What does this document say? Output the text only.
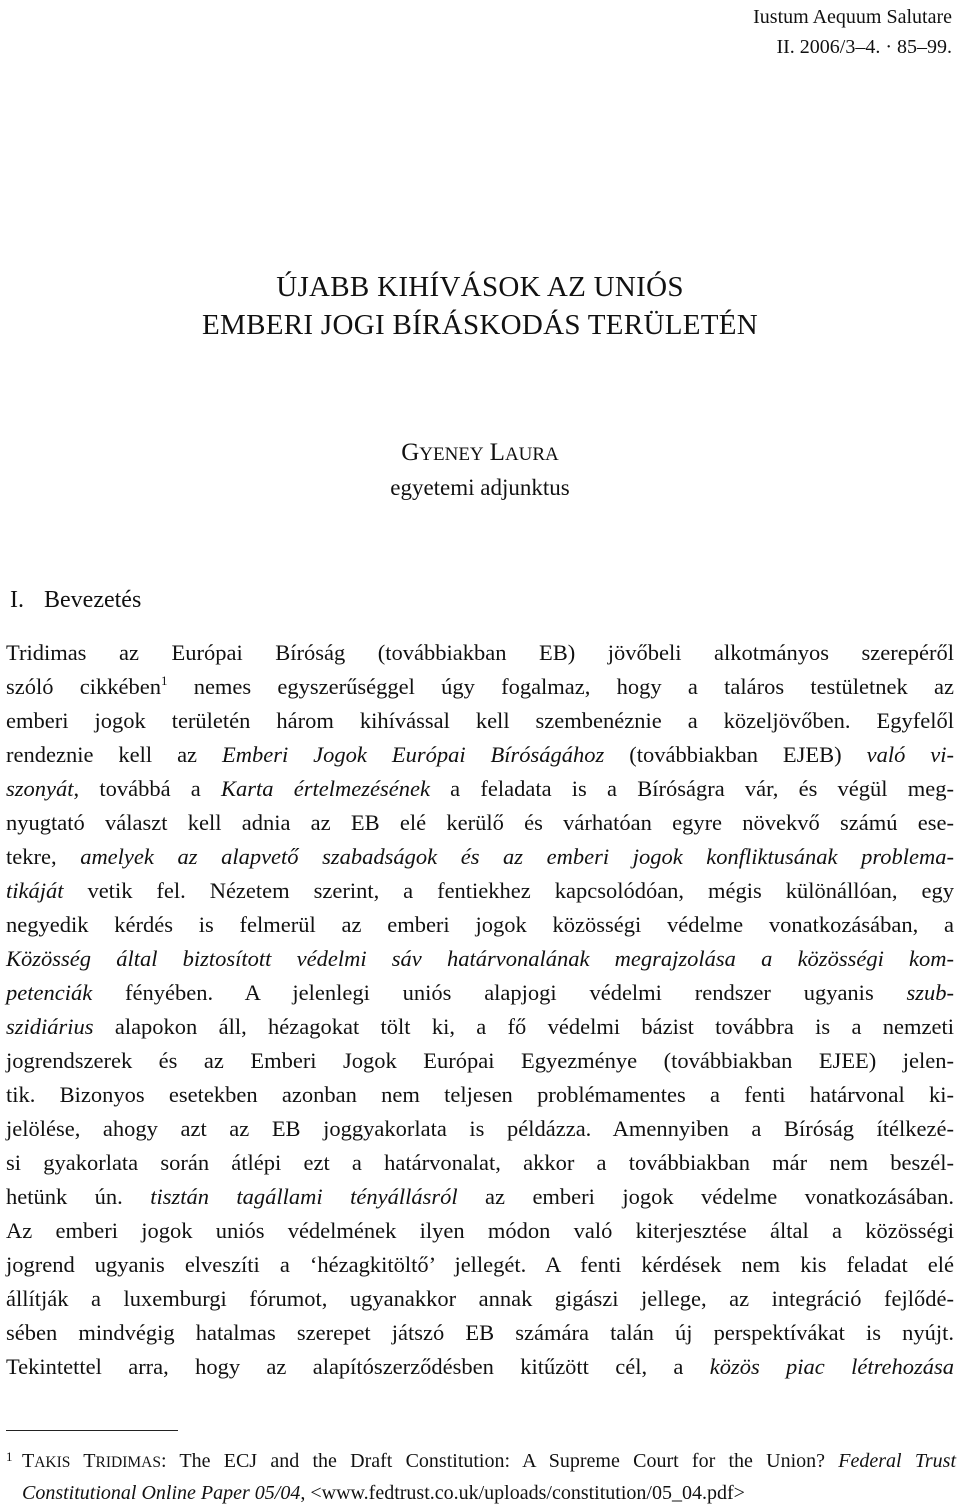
Iustum Aequum Salutare
II. 2006/3–4. · 85–99.
ÚJABB KIHÍVÁSOK AZ UNIÓS
EMBERI JOGI BÍRÁSKODÁS TERÜLETÉN
GYENEY LAURA
egyetemi adjunktus
I. Bevezetés
Tridimas az Európai Bíróság (továbbiakban EB) jövőbeli alkotmányos szerepéről
szóló cikkében$^1$ nemes egyszerűséggel úgy fogalmaz, hogy a taláros testületnek az
emberi jogok területén három kihívással kell szembenéznie a közeljövőben. Egyfelől
rendeznie kell az Emberi Jogok Európai Bíróságához (továbbiakban EJEB) való vi-
szonyát, továbbá a Karta értelmezésének a feladata is a Bíróságra vár, és végül meg-
nyugtató választ kell adnia az EB elé kerülő és várhatóan egyre növekvő számú ese-
tekre, amelyek az alapvető szabadságok és az emberi jogok konfliktusának problema-
tikáját vetik fel. Nézetem szerint, a fentiekhez kapcsolódóan, mégis különállóan, egy
negyedik kérdés is felmerül az emberi jogok közösségi védelme vonatkozásában, a
Közösség által biztosított védelmi sáv határvonalának megrajzolása a közösségi kom-
petenciák fényében. A jelenlegi uniós alapjogi védelmi rendszer ugyanis szub-
szidiárius alapokon áll, hézagokat tölt ki, a fő védelmi bázist továbbra is a nemzeti
jogrendszerek és az Emberi Jogok Európai Egyezménye (továbbiakban EJEE) jelen-
tik. Bizonyos esetekben azonban nem teljesen problémamentes a fenti határvonal ki-
jelölése, ahogy azt az EB joggyakorlata is példázza. Amennyiben a Bíróság ítélkezé-
si gyakorlata során átlépi ezt a határvonalat, akkor a továbbiakban már nem beszél-
hetünk ún. tisztán tagállami tényállásról az emberi jogok védelme vonatkozásában.
Az emberi jogok uniós védelmének ilyen módon való kiterjesztése által a közösségi
jogrend ugyanis elveszíti a ‘hézagkitöltő’ jellegét. A fenti kérdések nem kis feladat elé
állítják a luxemburgi fórumot, ugyanakkor annak gigászi jellege, az integráció fejlődé-
sében mindvégig hatalmas szerepet játszó EB számára talán új perspektívákat is nyújt.
Tekintettel arra, hogy az alapítószerződésben kitűzött cél, a közös piac létrehozása
1 TAKIS TRIDIMAS: The ECJ and the Draft Constitution: A Supreme Court for the Union? Federal Trust
Constitutional Online Paper 05/04, <www.fedtrust.co.uk/uploads/constitution/05_04.pdf>
